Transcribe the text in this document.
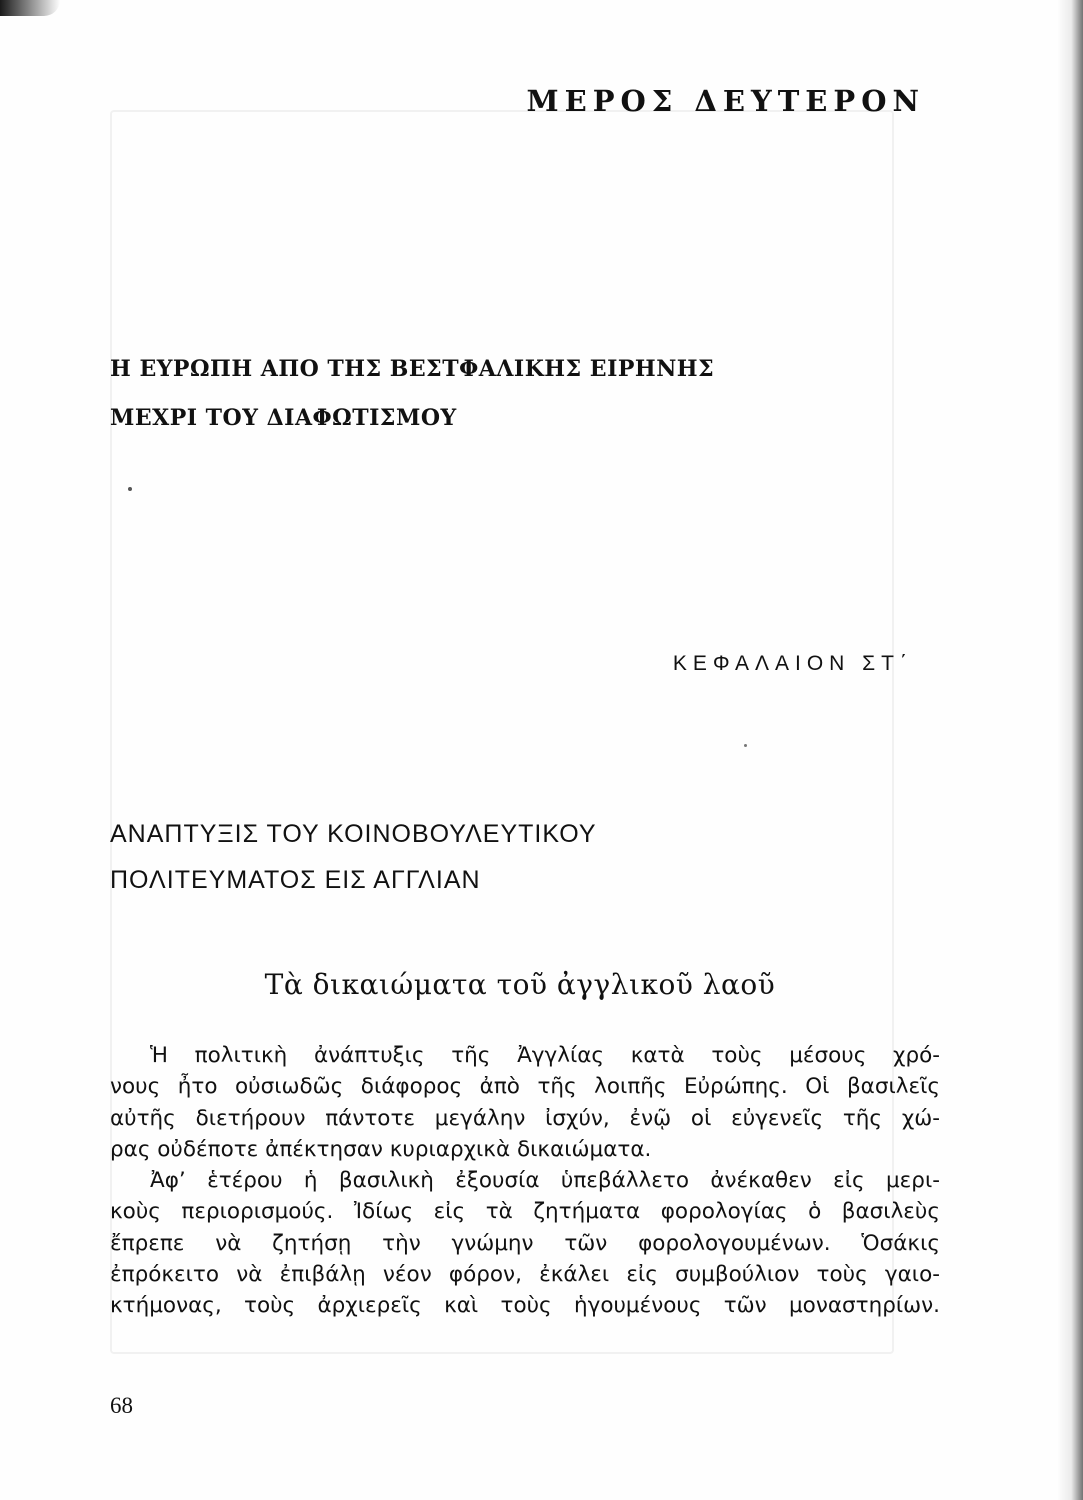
ΜΕΡΟΣ ΔΕΥΤΕΡΟΝ
Η ΕΥΡΩΠΗ ΑΠΟ ΤΗΣ ΒΕΣΤΦΑΛΙΚΗΣ ΕΙΡΗΝΗΣ
ΜΕΧΡΙ ΤΟΥ ΔΙΑΦΩΤΙΣΜΟΥ
ΚΕΦΑΛΑΙΟΝ ΣΤ΄
ΑΝΑΠΤΥΞΙΣ ΤΟΥ ΚΟΙΝΟΒΟΥΛΕΥΤΙΚΟΥ
ΠΟΛΙΤΕΥΜΑΤΟΣ ΕΙΣ ΑΓΓΛΙΑΝ
Τὰ δικαιώματα τοῦ ἀγγλικοῦ λαοῦ
Ἡ πολιτικὴ ἀνάπτυξις τῆς Ἀγγλίας κατὰ τοὺς μέσους χρό-
νους ἦτο οὐσιωδῶς διάφορος ἀπὸ τῆς λοιπῆς Εὐρώπης. Οἱ βασιλεῖς
αὐτῆς διετήρουν πάντοτε μεγάλην ἰσχύν, ἐνῷ οἱ εὐγενεῖς τῆς χώ-
ρας οὐδέποτε ἀπέκτησαν κυριαρχικὰ δικαιώματα.
Ἀφ’ ἑτέρου ἡ βασιλικὴ ἐξουσία ὑπεβάλλετο ἀνέκαθεν εἰς μερι-
κοὺς περιορισμούς. Ἰδίως εἰς τὰ ζητήματα φορολογίας ὁ βασιλεὺς
ἔπρεπε νὰ ζητήσῃ τὴν γνώμην τῶν φορολογουμένων. Ὁσάκις
ἐπρόκειτο νὰ ἐπιβάλῃ νέον φόρον, ἐκάλει εἰς συμβούλιον τοὺς γαιο-
κτήμονας, τοὺς ἀρχιερεῖς καὶ τοὺς ἡγουμένους τῶν μοναστηρίων.
68
